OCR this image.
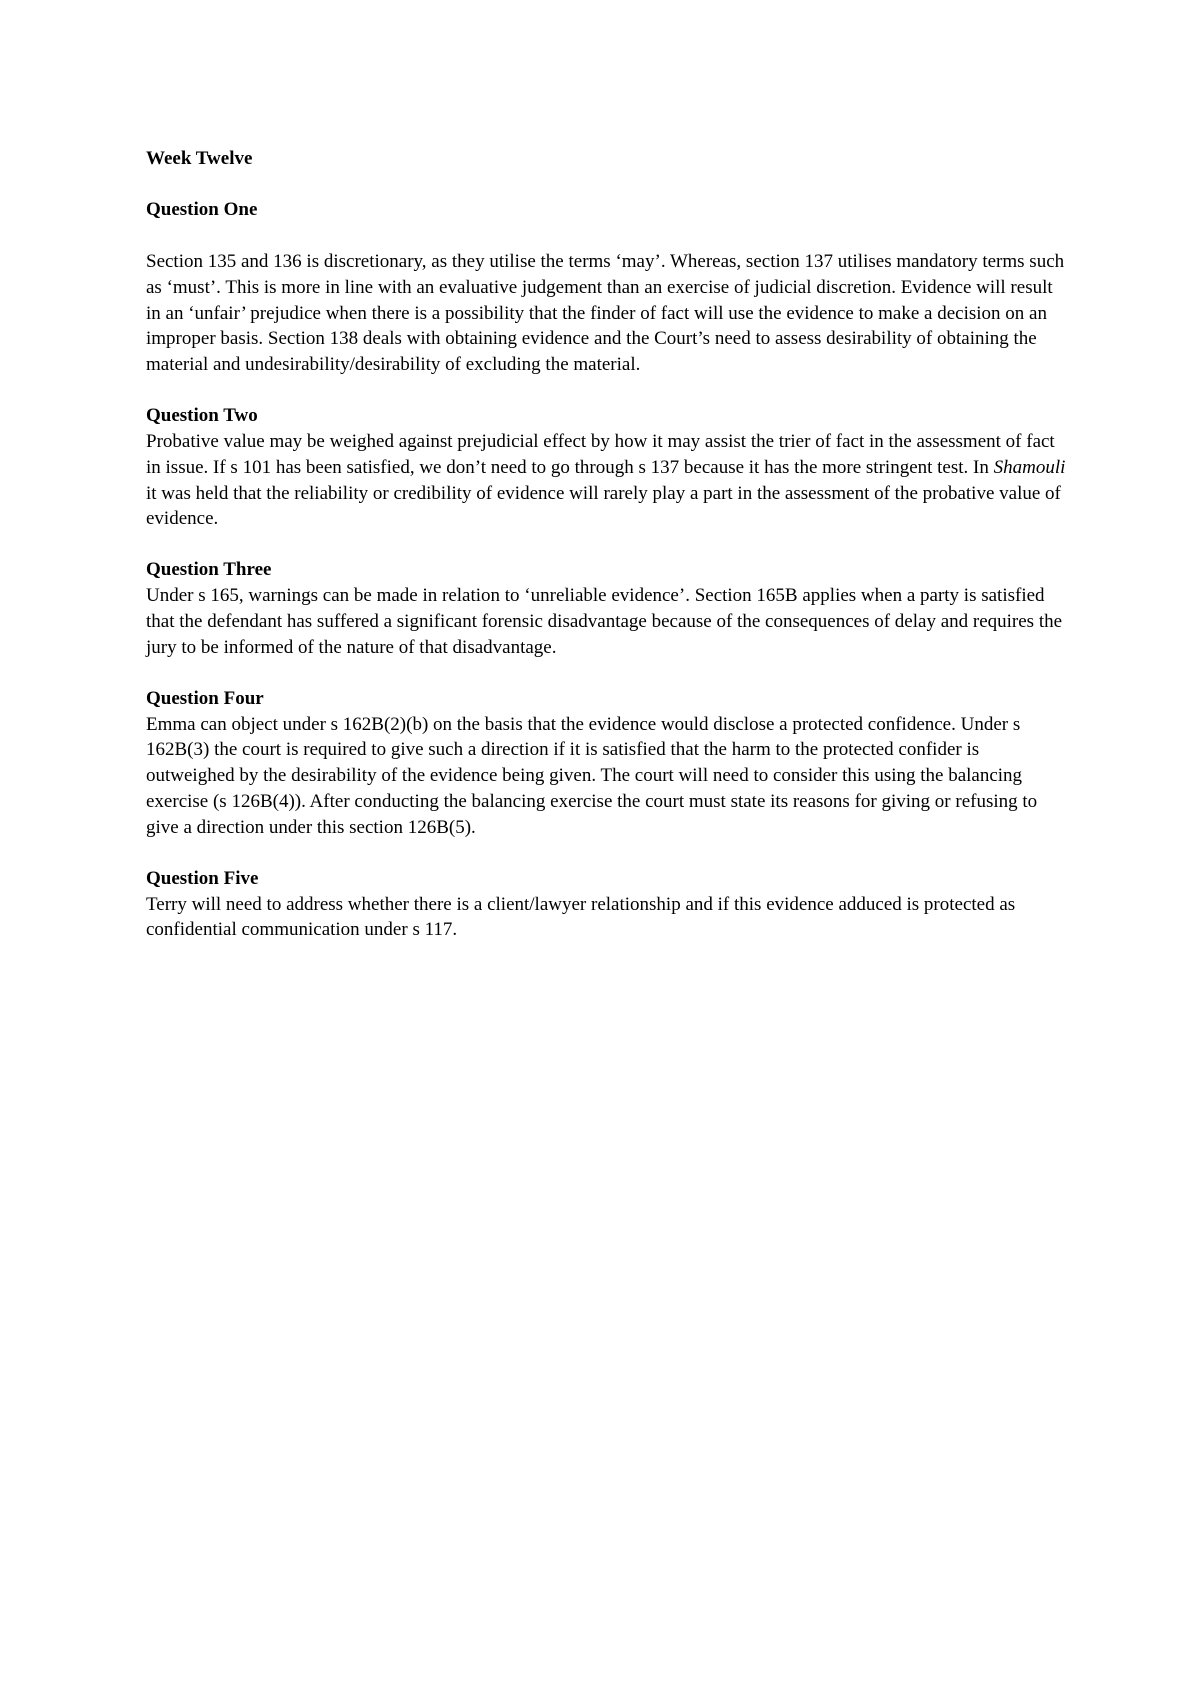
Week Twelve
Question One

Section 135 and 136 is discretionary, as they utilise the terms ‘may’. Whereas, section 137 utilises mandatory terms such as ‘must’. This is more in line with an evaluative judgement than an exercise of judicial discretion. Evidence will result in an ‘unfair’ prejudice when there is a possibility that the finder of fact will use the evidence to make a decision on an improper basis. Section 138 deals with obtaining evidence and the Court’s need to assess desirability of obtaining the material and undesirability/desirability of excluding the material.

Question Two

Probative value may be weighed against prejudicial effect by how it may assist the trier of fact in the assessment of fact in issue. If s 101 has been satisfied, we don’t need to go through s 137 because it has the more stringent test. In Shamouli it was held that the reliability or credibility of evidence will rarely play a part in the assessment of the probative value of evidence.

Question Three

Under s 165, warnings can be made in relation to ‘unreliable evidence’. Section 165B applies when a party is satisfied that the defendant has suffered a significant forensic disadvantage because of the consequences of delay and requires the jury to be informed of the nature of that disadvantage.

Question Four

Emma can object under s 162B(2)(b) on the basis that the evidence would disclose a protected confidence. Under s 162B(3) the court is required to give such a direction if it is satisfied that the harm to the protected confider is outweighed by the desirability of the evidence being given. The court will need to consider this using the balancing exercise (s 126B(4)). After conducting the balancing exercise the court must state its reasons for giving or refusing to give a direction under this section 126B(5).

Question Five

Terry will need to address whether there is a client/lawyer relationship and if this evidence adduced is protected as confidential communication under s 117.
